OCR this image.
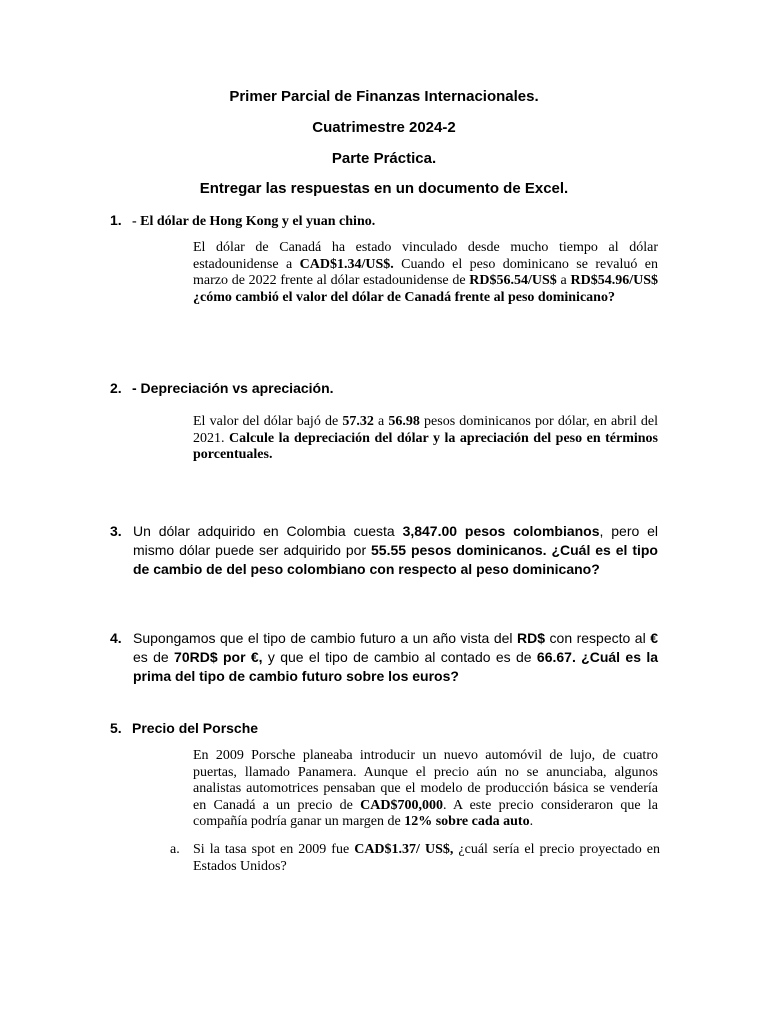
Primer Parcial de Finanzas Internacionales.
Cuatrimestre 2024-2
Parte Práctica.
Entregar las respuestas en un documento de Excel.
1. - El dólar de Hong Kong y el yuan chino.
El dólar de Canadá ha estado vinculado desde mucho tiempo al dólar estadounidense a CAD$1.34/US$. Cuando el peso dominicano se revaluó en marzo de 2022 frente al dólar estadounidense de RD$56.54/US$ a RD$54.96/US$ ¿cómo cambió el valor del dólar de Canadá frente al peso dominicano?
2. - Depreciación vs apreciación.
El valor del dólar bajó de 57.32 a 56.98 pesos dominicanos por dólar, en abril del 2021. Calcule la depreciación del dólar y la apreciación del peso en términos porcentuales.
3. Un dólar adquirido en Colombia cuesta 3,847.00 pesos colombianos, pero el mismo dólar puede ser adquirido por 55.55 pesos dominicanos. ¿Cuál es el tipo de cambio de del peso colombiano con respecto al peso dominicano?
4. Supongamos que el tipo de cambio futuro a un año vista del RD$ con respecto al € es de 70RD$ por €, y que el tipo de cambio al contado es de 66.67. ¿Cuál es la prima del tipo de cambio futuro sobre los euros?
5. Precio del Porsche
En 2009 Porsche planeaba introducir un nuevo automóvil de lujo, de cuatro puertas, llamado Panamera. Aunque el precio aún no se anunciaba, algunos analistas automotrices pensaban que el modelo de producción básica se vendería en Canadá a un precio de CAD$700,000. A este precio consideraron que la compañía podría ganar un margen de 12% sobre cada auto.
a. Si la tasa spot en 2009 fue CAD$1.37/ US$, ¿cuál sería el precio proyectado en Estados Unidos?
